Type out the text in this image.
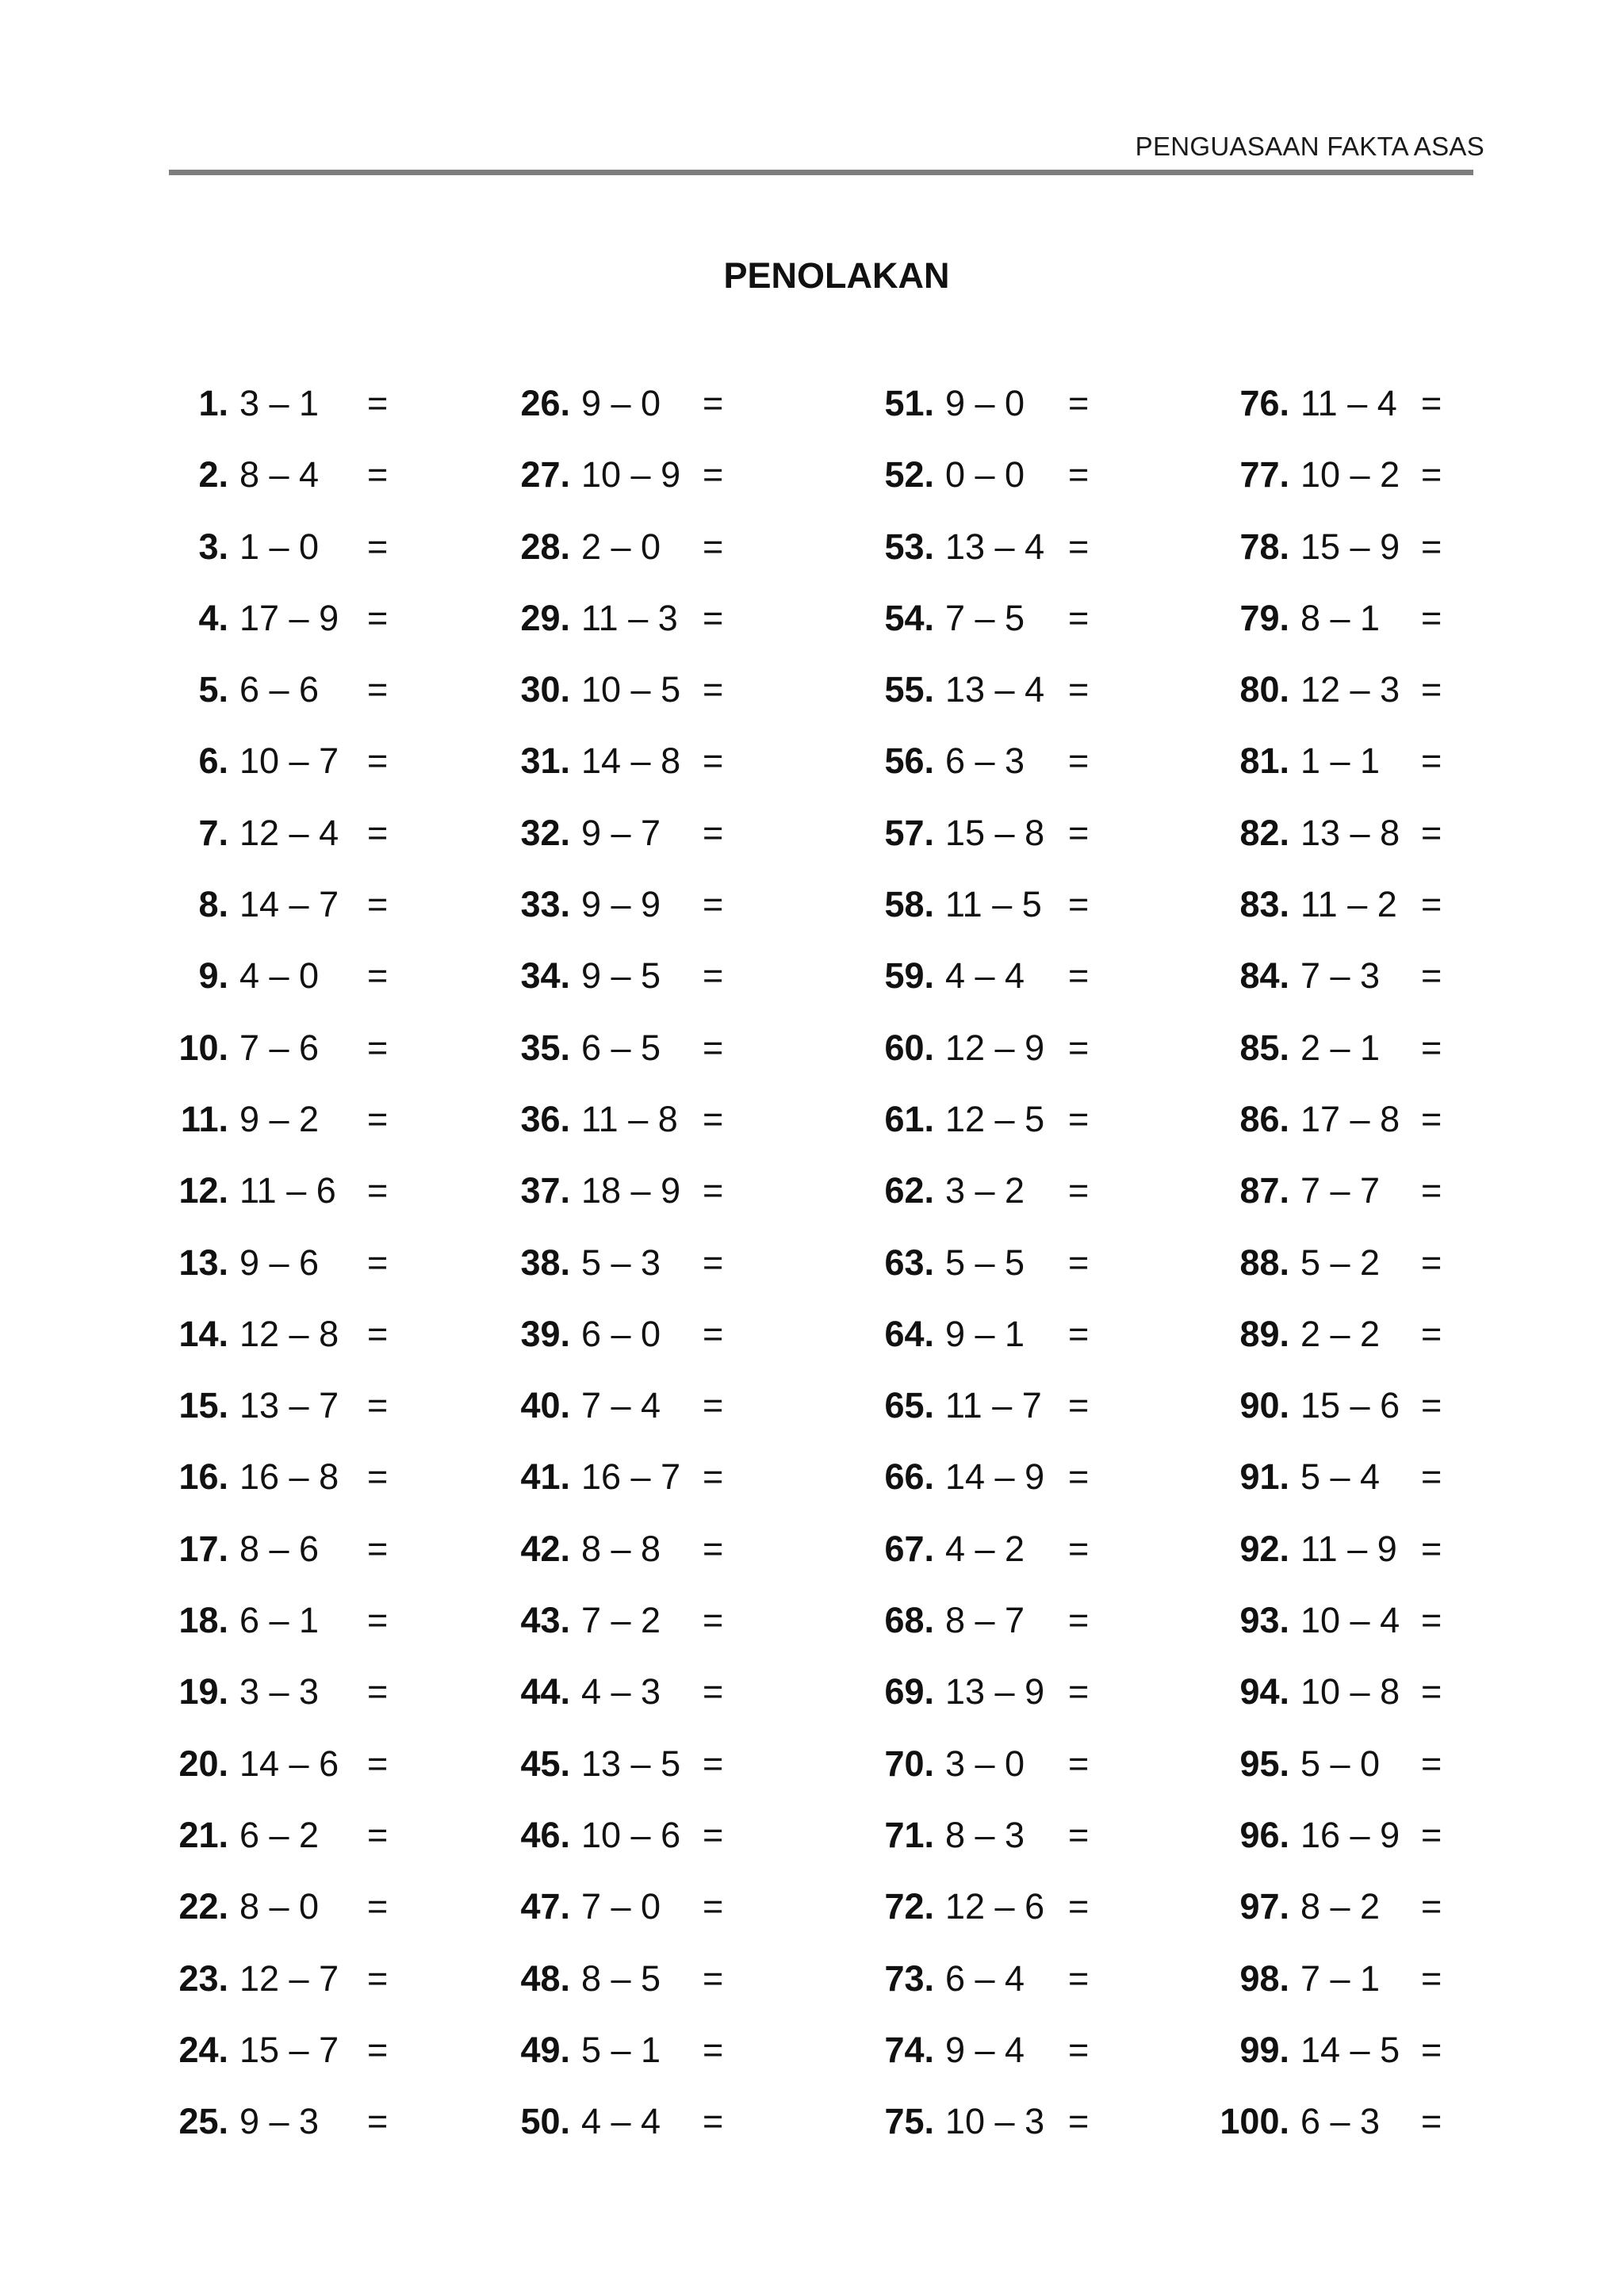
PENGUASAAN FAKTA ASAS
PENOLAKAN
1. 3 – 1 =
2. 8 – 4 =
3. 1 – 0 =
4. 17 – 9 =
5. 6 – 6 =
6. 10 – 7 =
7. 12 – 4 =
8. 14 – 7 =
9. 4 – 0 =
10. 7 – 6 =
11. 9 – 2 =
12. 11 – 6 =
13. 9 – 6 =
14. 12 – 8 =
15. 13 – 7 =
16. 16 – 8 =
17. 8 – 6 =
18. 6 – 1 =
19. 3 – 3 =
20. 14 – 6 =
21. 6 – 2 =
22. 8 – 0 =
23. 12 – 7 =
24. 15 – 7 =
25. 9 – 3 =
26. 9 – 0 =
27. 10 – 9 =
28. 2 – 0 =
29. 11 – 3 =
30. 10 – 5 =
31. 14 – 8 =
32. 9 – 7 =
33. 9 – 9 =
34. 9 – 5 =
35. 6 – 5 =
36. 11 – 8 =
37. 18 – 9 =
38. 5 – 3 =
39. 6 – 0 =
40. 7 – 4 =
41. 16 – 7 =
42. 8 – 8 =
43. 7 – 2 =
44. 4 – 3 =
45. 13 – 5 =
46. 10 – 6 =
47. 7 – 0 =
48. 8 – 5 =
49. 5 – 1 =
50. 4 – 4 =
51. 9 – 0 =
52. 0 – 0 =
53. 13 – 4 =
54. 7 – 5 =
55. 13 – 4 =
56. 6 – 3 =
57. 15 – 8 =
58. 11 – 5 =
59. 4 – 4 =
60. 12 – 9 =
61. 12 – 5 =
62. 3 – 2 =
63. 5 – 5 =
64. 9 – 1 =
65. 11 – 7 =
66. 14 – 9 =
67. 4 – 2 =
68. 8 – 7 =
69. 13 – 9 =
70. 3 – 0 =
71. 8 – 3 =
72. 12 – 6 =
73. 6 – 4 =
74. 9 – 4 =
75. 10 – 3 =
76. 11 – 4 =
77. 10 – 2 =
78. 15 – 9 =
79. 8 – 1 =
80. 12 – 3 =
81. 1 – 1 =
82. 13 – 8 =
83. 11 – 2 =
84. 7 – 3 =
85. 2 – 1 =
86. 17 – 8 =
87. 7 – 7 =
88. 5 – 2 =
89. 2 – 2 =
90. 15 – 6 =
91. 5 – 4 =
92. 11 – 9 =
93. 10 – 4 =
94. 10 – 8 =
95. 5 – 0 =
96. 16 – 9 =
97. 8 – 2 =
98. 7 – 1 =
99. 14 – 5 =
100. 6 – 3 =
